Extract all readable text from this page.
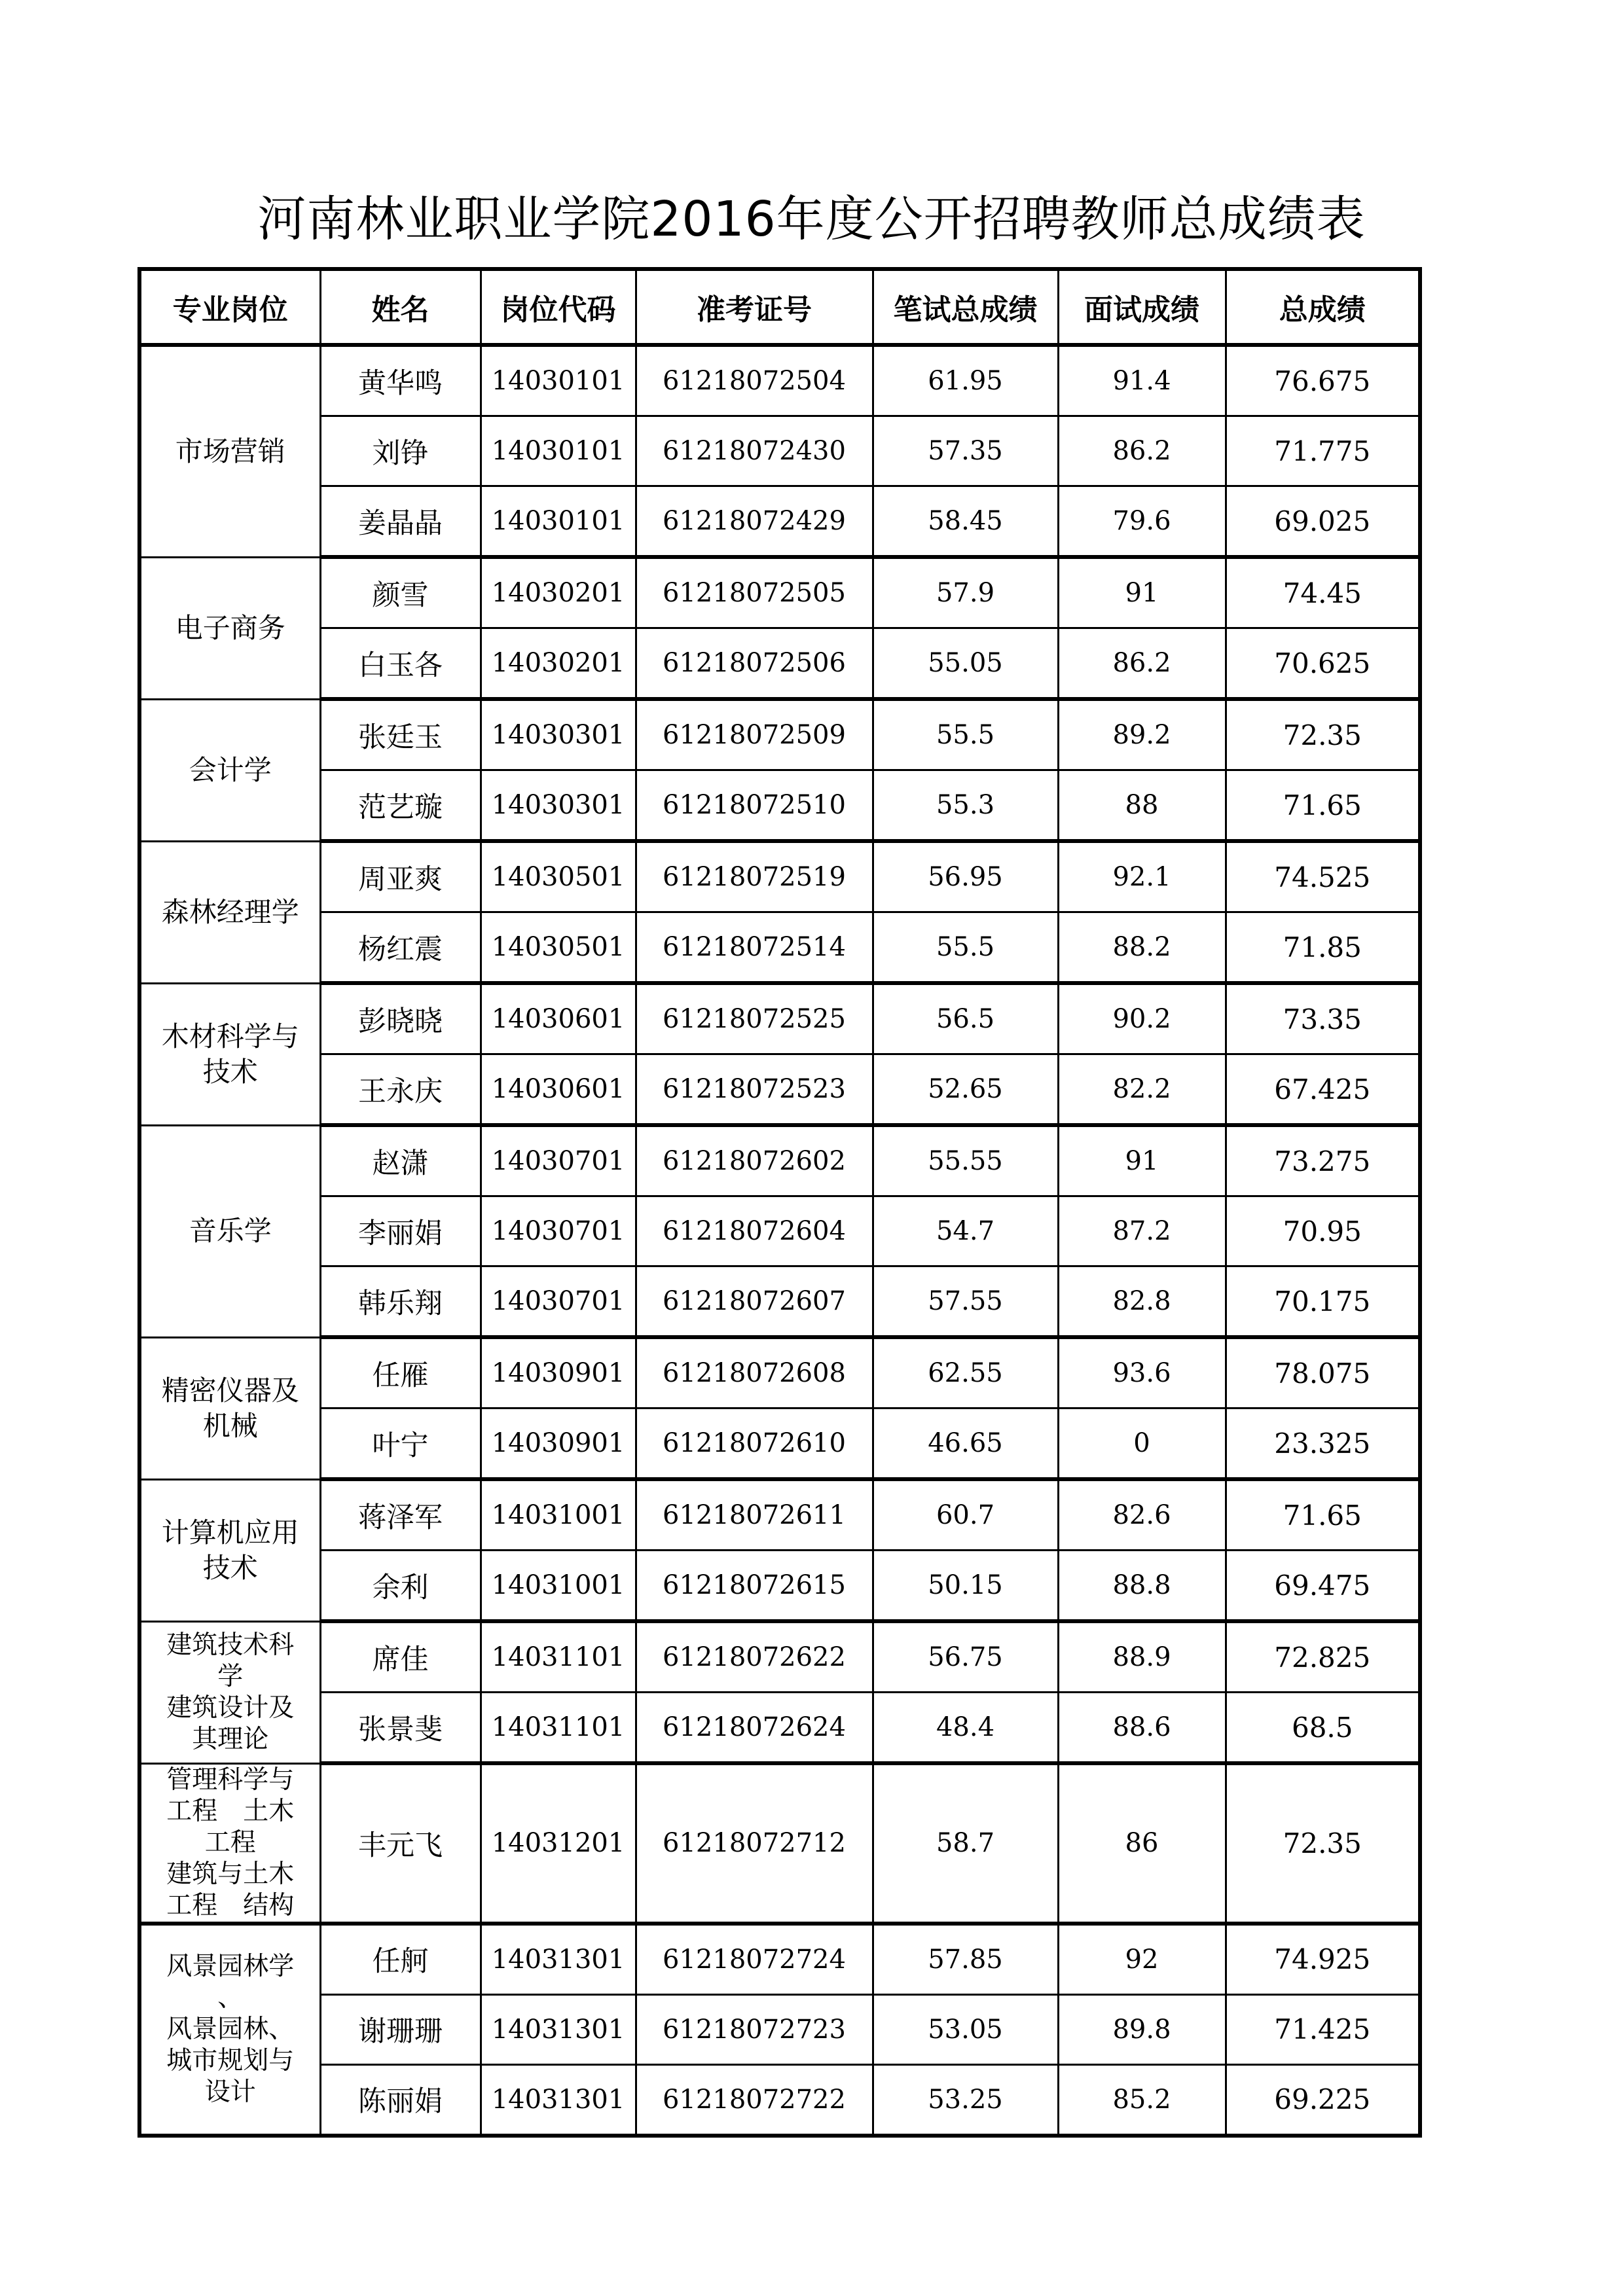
河南林业职业学院2016年度公开招聘教师总成绩表
专业岗位	姓名	岗位代码	准考证号	笔试总成绩	面试成绩	总成绩

市场营销	黄华鸣	14030101	61218072504	61.95	91.4	76.675
	刘铮	14030101	61218072430	57.35	86.2	71.775
	姜晶晶	14030101	61218072429	58.45	79.6	69.025

电子商务	颜雪	14030201	61218072505	57.9	91	74.45
	白玉各	14030201	61218072506	55.05	86.2	70.625

会计学	张廷玉	14030301	61218072509	55.5	89.2	72.35
	范艺璇	14030301	61218072510	55.3	88	71.65

森林经理学	周亚爽	14030501	61218072519	56.95	92.1	74.525
	杨红震	14030501	61218072514	55.5	88.2	71.85

木材科学与
技术	彭晓晓	14030601	61218072525	56.5	90.2	73.35
	王永庆	14030601	61218072523	52.65	82.2	67.425

音乐学	赵潇	14030701	61218072602	55.55	91	73.275
	李丽娟	14030701	61218072604	54.7	87.2	70.95
	韩乐翔	14030701	61218072607	57.55	82.8	70.175

精密仪器及
机械	任雁	14030901	61218072608	62.55	93.6	78.075
	叶宁	14030901	61218072610	46.65	0	23.325

计算机应用
技术	蒋泽军	14031001	61218072611	60.7	82.6	71.65
	余利	14031001	61218072615	50.15	88.8	69.475

建筑技术科
学
建筑设计及
其理论	席佳	14031101	61218072622	56.75	88.9	72.825
	张景斐	14031101	61218072624	48.4	88.6	68.5

管理科学与
工程　土木
工程
建筑与土木
工程　结构	丰元飞	14031201	61218072712	58.7	86	72.35

风景园林学
、
风景园林、
城市规划与
设计	任舸	14031301	61218072724	57.85	92	74.925
	谢珊珊	14031301	61218072723	53.05	89.8	71.425
	陈丽娟	14031301	61218072722	53.25	85.2	69.225
